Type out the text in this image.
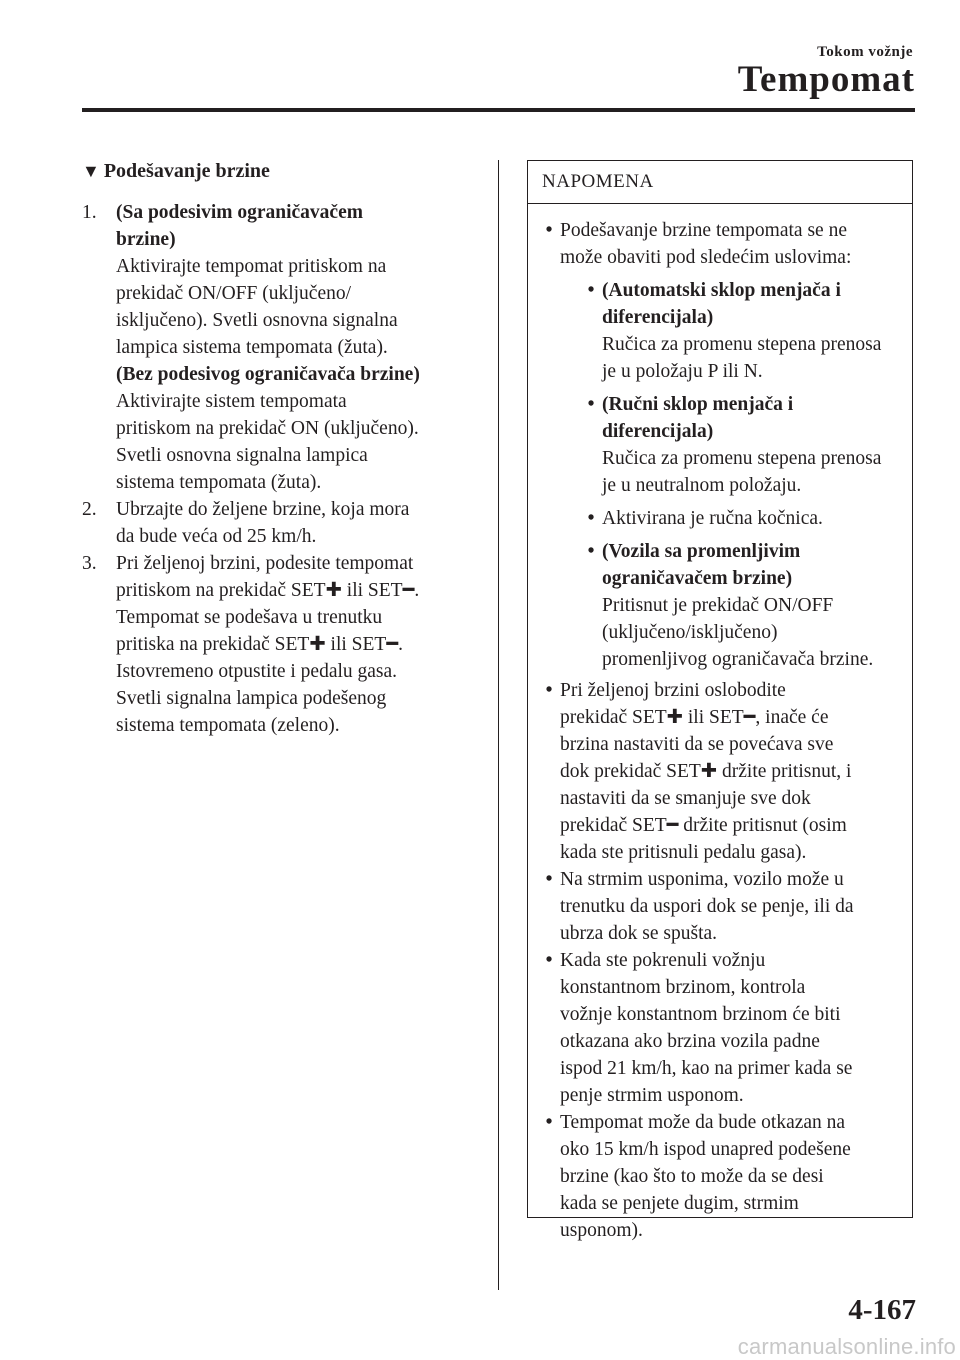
Tokom vožnje
Tempomat
▼ Podešavanje brzine
1. (Sa podesivim ograničavačem
brzine)
Aktivirajte tempomat pritiskom na
prekidač ON/OFF (uključeno/
isključeno). Svetli osnovna signalna
lampica sistema tempomata (žuta).
(Bez podesivog ograničavača brzine)
Aktivirajte sistem tempomata
pritiskom na prekidač ON (uključeno).
Svetli osnovna signalna lampica
sistema tempomata (žuta).
2. Ubrzajte do željene brzine, koja mora
da bude veća od 25 km/h.
3. Pri željenoj brzini, podesite tempomat
pritiskom na prekidač SET✚ ili SET━.
Tempomat se podešava u trenutku
pritiska na prekidač SET✚ ili SET━.
Istovremeno otpustite i pedalu gasa.
Svetli signalna lampica podešenog
sistema tempomata (zeleno).
NAPOMENA
• Podešavanje brzine tempomata se ne
može obaviti pod sledećim uslovima:
• (Automatski sklop menjača i
diferencijala)
Ručica za promenu stepena prenosa
je u položaju P ili N.
• (Ručni sklop menjača i
diferencijala)
Ručica za promenu stepena prenosa
je u neutralnom položaju.
• Aktivirana je ručna kočnica.
• (Vozila sa promenljivim
ograničavačem brzine)
Pritisnut je prekidač ON/OFF
(uključeno/isključeno)
promenljivog ograničavača brzine.
• Pri željenoj brzini oslobodite
prekidač SET✚ ili SET━, inače će
brzina nastaviti da se povećava sve
dok prekidač SET✚ držite pritisnut, i
nastaviti da se smanjuje sve dok
prekidač SET━ držite pritisnut (osim
kada ste pritisnuli pedalu gasa).
• Na strmim usponima, vozilo može u
trenutku da uspori dok se penje, ili da
ubrza dok se spušta.
• Kada ste pokrenuli vožnju
konstantnom brzinom, kontrola
vožnje konstantnom brzinom će biti
otkazana ako brzina vozila padne
ispod 21 km/h, kao na primer kada se
penje strmim usponom.
• Tempomat može da bude otkazan na
oko 15 km/h ispod unapred podešene
brzine (kao što to može da se desi
kada se penjete dugim, strmim
usponom).
4-167
carmanualsonline.info
